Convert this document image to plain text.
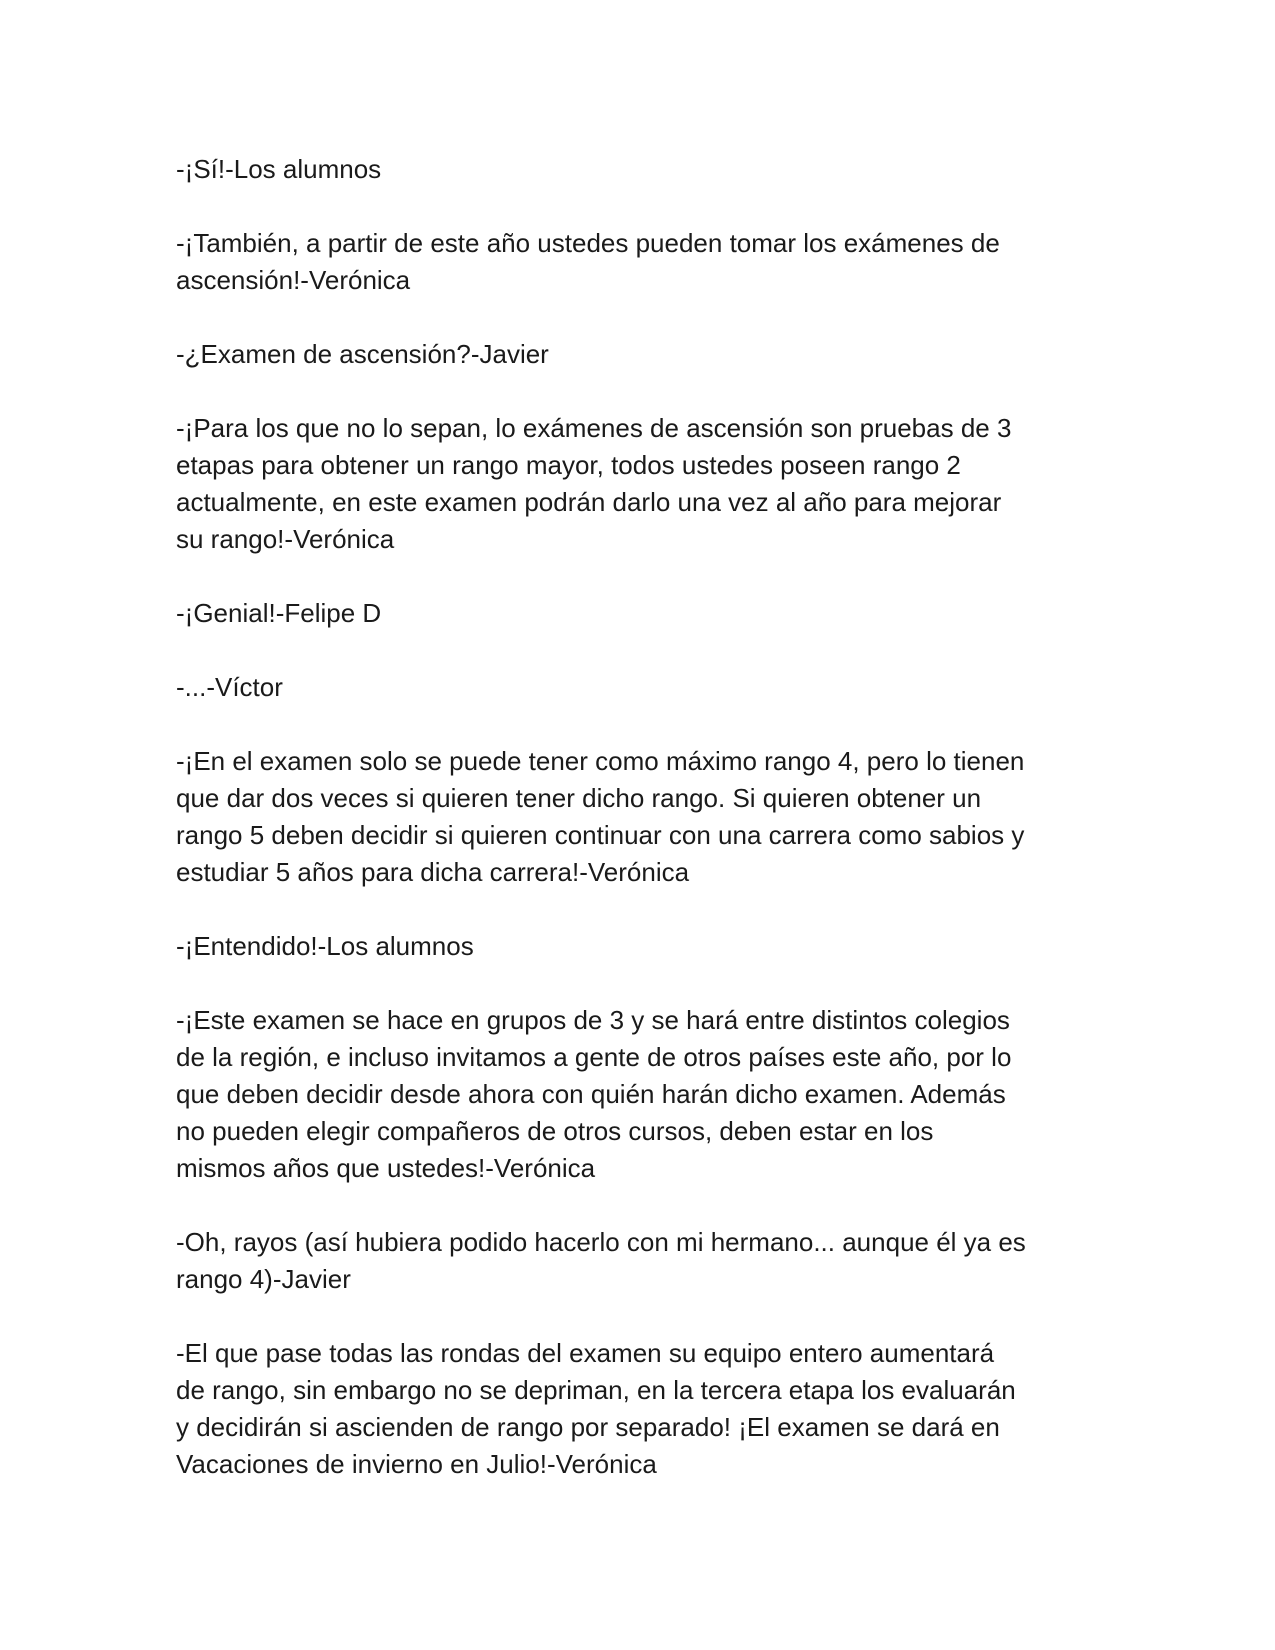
-¡Sí!-Los alumnos

-¡También, a partir de este año ustedes pueden tomar los exámenes de
ascensión!-Verónica

-¿Examen de ascensión?-Javier

-¡Para los que no lo sepan, lo exámenes de ascensión son pruebas de 3
etapas para obtener un rango mayor, todos ustedes poseen rango 2
actualmente, en este examen podrán darlo una vez al año para mejorar
su rango!-Verónica

-¡Genial!-Felipe D

-...-Víctor

-¡En el examen solo se puede tener como máximo rango 4, pero lo tienen
que dar dos veces si quieren tener dicho rango. Si quieren obtener un
rango 5 deben decidir si quieren continuar con una carrera como sabios y
estudiar 5 años para dicha carrera!-Verónica

-¡Entendido!-Los alumnos

-¡Este examen se hace en grupos de 3 y se hará entre distintos colegios
de la región, e incluso invitamos a gente de otros países este año, por lo
que deben decidir desde ahora con quién harán dicho examen. Además
no pueden elegir compañeros de otros cursos, deben estar en los
mismos años que ustedes!-Verónica

-Oh, rayos (así hubiera podido hacerlo con mi hermano... aunque él ya es
rango 4)-Javier

-El que pase todas las rondas del examen su equipo entero aumentará
de rango, sin embargo no se depriman, en la tercera etapa los evaluarán
y decidirán si ascienden de rango por separado! ¡El examen se dará en
Vacaciones de invierno en Julio!-Verónica
